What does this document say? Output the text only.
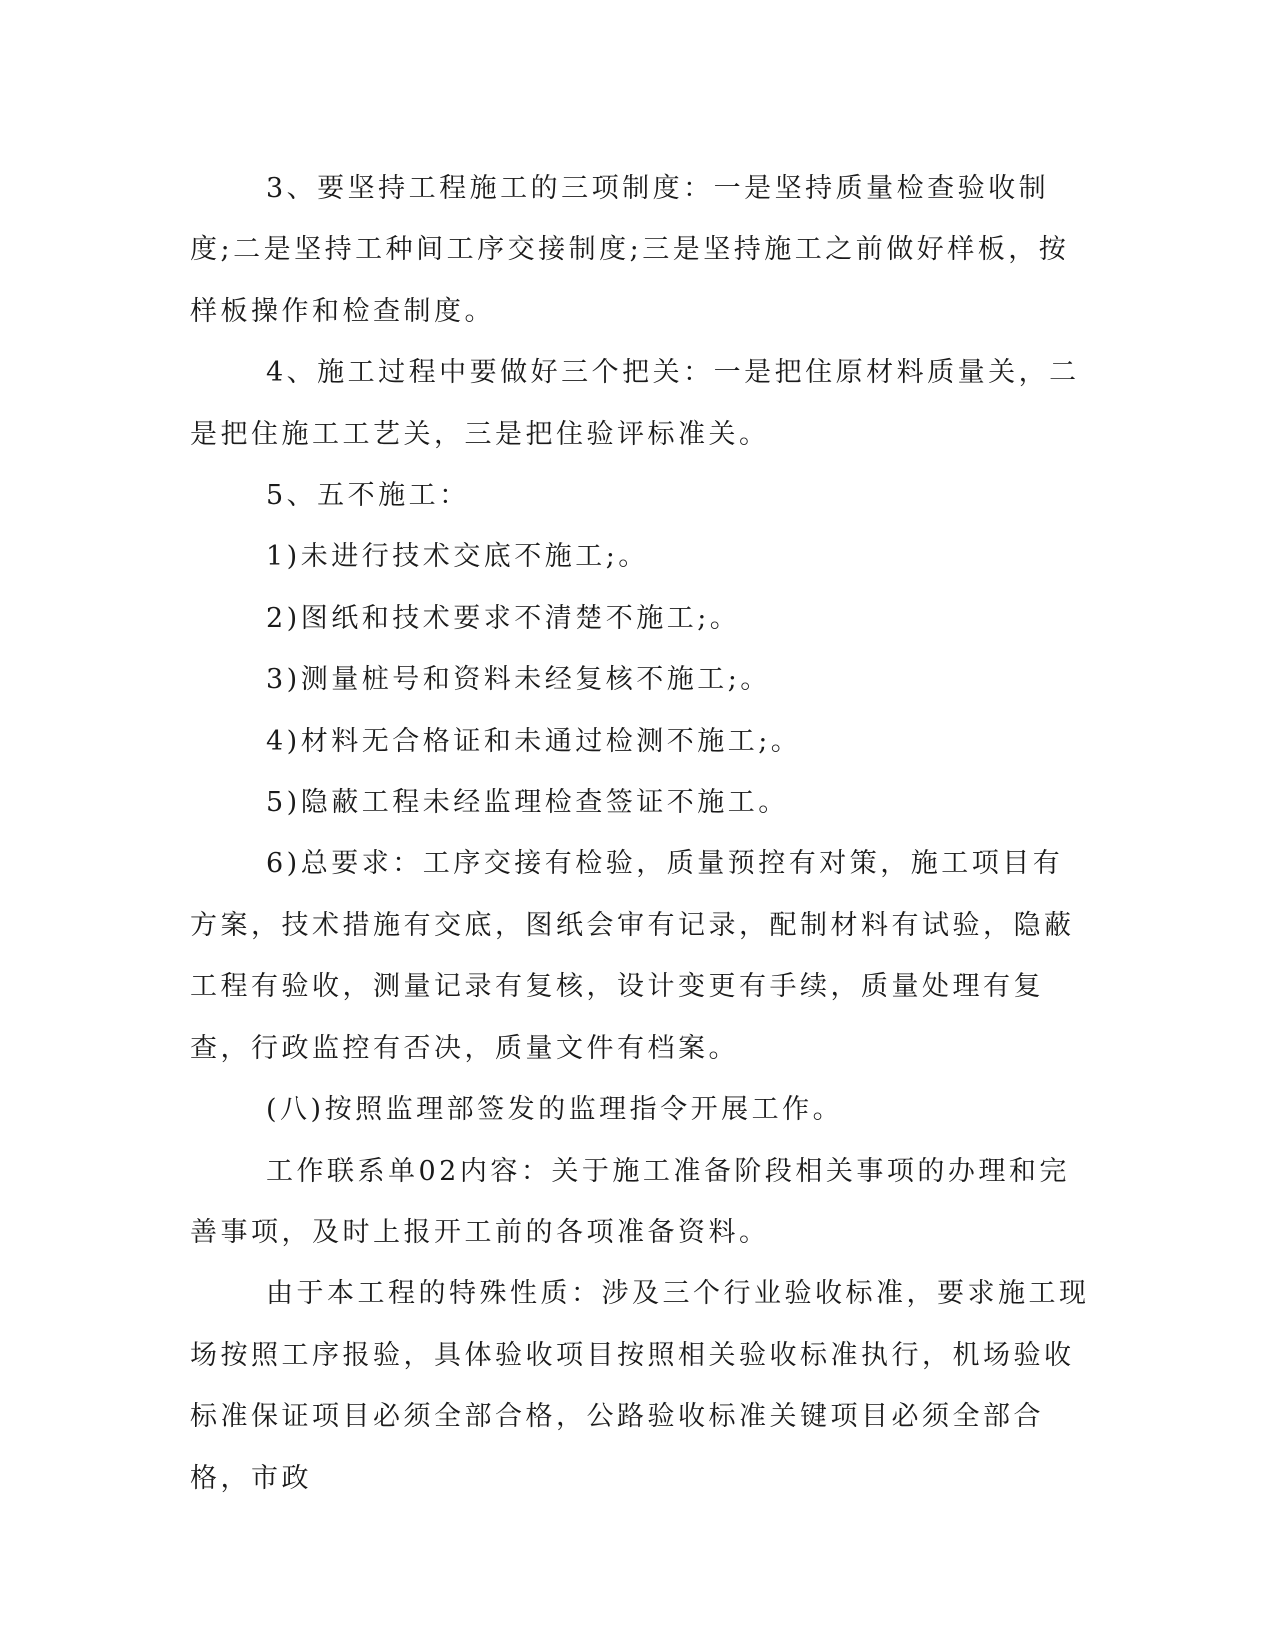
3、要坚持工程施工的三项制度：一是坚持质量检查验收制度;二是坚持工种间工序交接制度;三是坚持施工之前做好样板，按样板操作和检查制度。

4、施工过程中要做好三个把关：一是把住原材料质量关，二是把住施工工艺关，三是把住验评标准关。

5、五不施工：

1)未进行技术交底不施工;。

2)图纸和技术要求不清楚不施工;。

3)测量桩号和资料未经复核不施工;。

4)材料无合格证和未通过检测不施工;。

5)隐蔽工程未经监理检查签证不施工。

6)总要求：工序交接有检验，质量预控有对策，施工项目有方案，技术措施有交底，图纸会审有记录，配制材料有试验，隐蔽工程有验收，测量记录有复核，设计变更有手续，质量处理有复查，行政监控有否决，质量文件有档案。

(八)按照监理部签发的监理指令开展工作。

工作联系单02内容：关于施工准备阶段相关事项的办理和完善事项，及时上报开工前的各项准备资料。

由于本工程的特殊性质：涉及三个行业验收标准，要求施工现场按照工序报验，具体验收项目按照相关验收标准执行，机场验收标准保证项目必须全部合格，公路验收标准关键项目必须全部合格，市政
